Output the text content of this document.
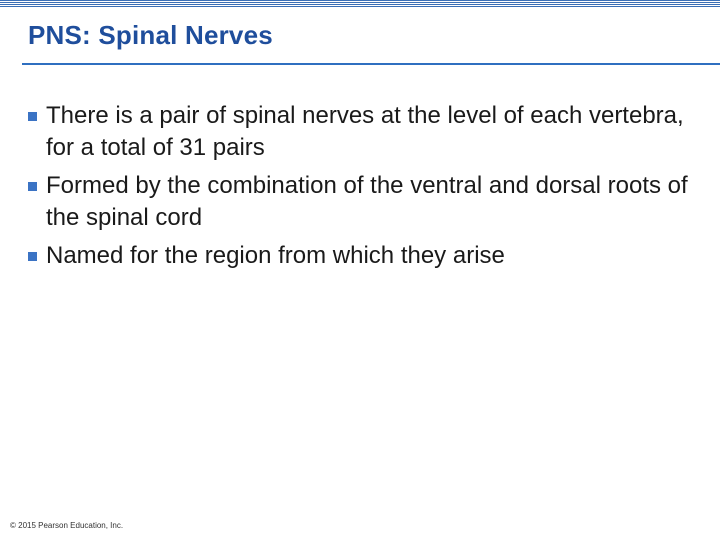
PNS: Spinal Nerves
There is a pair of spinal nerves at the level of each vertebra, for a total of 31 pairs
Formed by the combination of the ventral and dorsal roots of the spinal cord
Named for the region from which they arise
© 2015 Pearson Education, Inc.
